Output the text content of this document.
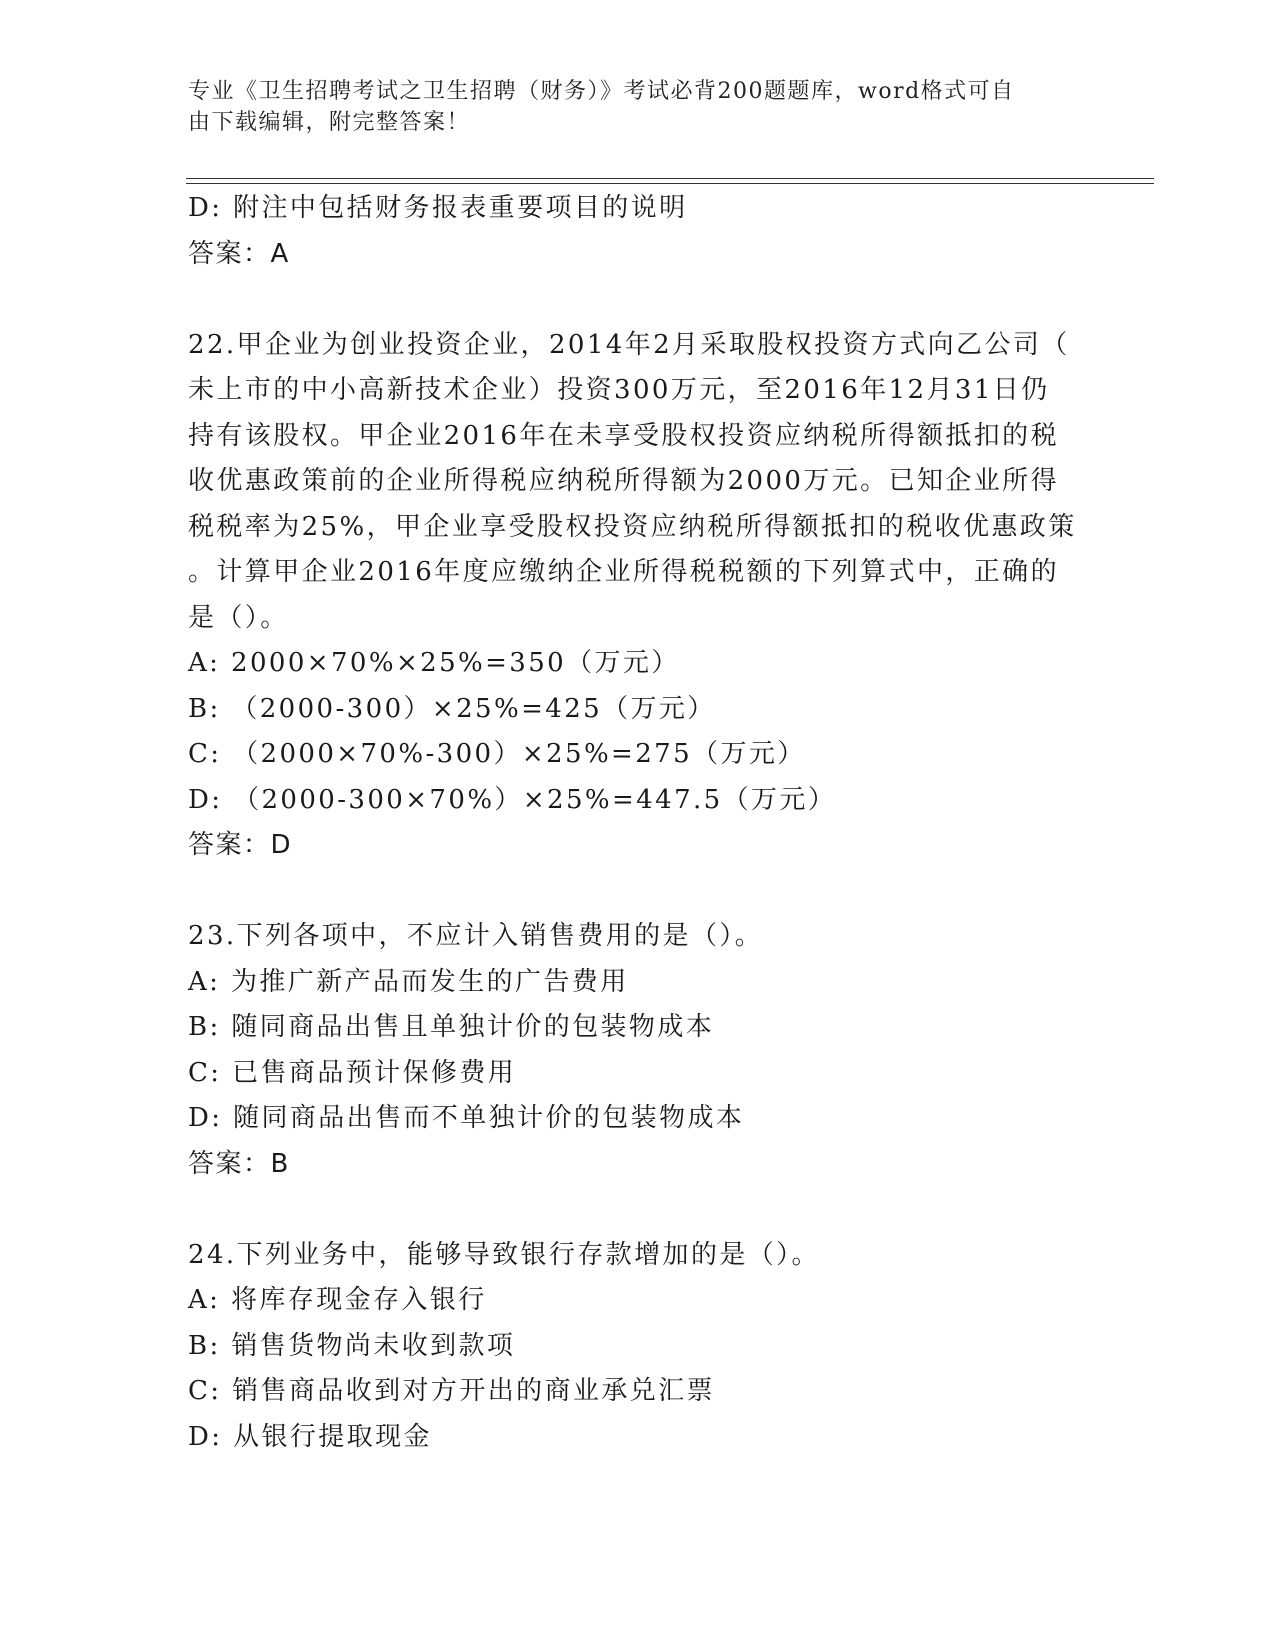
专业《卫生招聘考试之卫生招聘（财务）》考试必背200题题库，word格式可自
由下载编辑，附完整答案！
D: 附注中包括财务报表重要项目的说明
答案：A
22.甲企业为创业投资企业，2014年2月采取股权投资方式向乙公司（
未上市的中小高新技术企业）投资300万元，至2016年12月31日仍
持有该股权。甲企业2016年在未享受股权投资应纳税所得额抵扣的税
收优惠政策前的企业所得税应纳税所得额为2000万元。已知企业所得
税税率为25%，甲企业享受股权投资应纳税所得额抵扣的税收优惠政策
。计算甲企业2016年度应缴纳企业所得税税额的下列算式中，正确的
是（）。
A: 2000×70%×25%=350（万元）
B: （2000-300）×25%=425（万元）
C: （2000×70%-300）×25%=275（万元）
D: （2000-300×70%）×25%=447.5（万元）
答案：D
23.下列各项中，不应计入销售费用的是（）。
A: 为推广新产品而发生的广告费用
B: 随同商品出售且单独计价的包装物成本
C: 已售商品预计保修费用
D: 随同商品出售而不单独计价的包装物成本
答案：B
24.下列业务中，能够导致银行存款增加的是（）。
A: 将库存现金存入银行
B: 销售货物尚未收到款项
C: 销售商品收到对方开出的商业承兑汇票
D: 从银行提取现金
